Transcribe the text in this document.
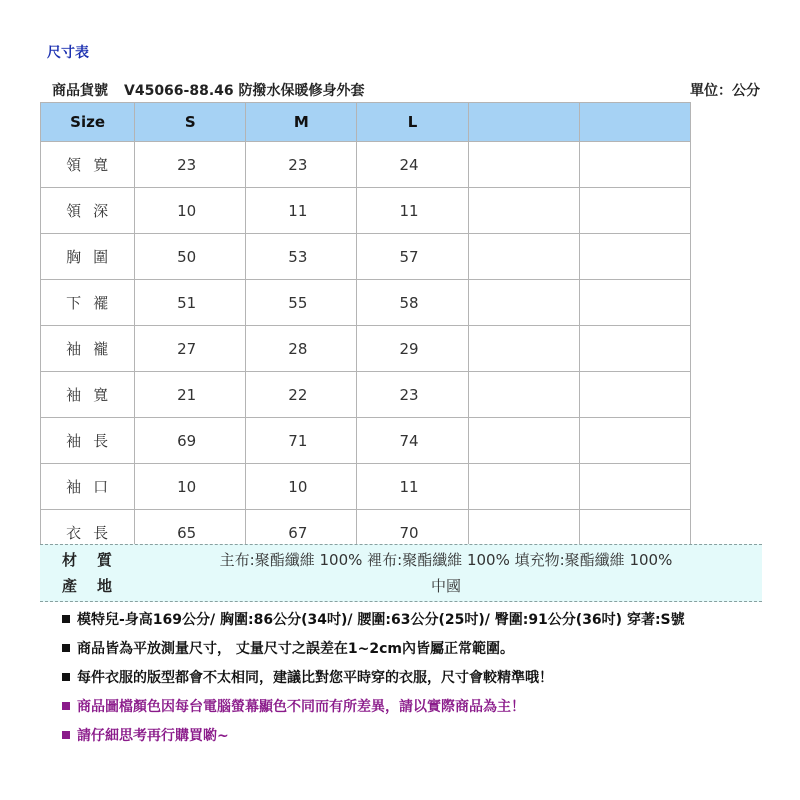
尺寸表
商品貨號 V45066-88.46 防撥水保暖修身外套	單位：公分
Size	S	M	L		
領寬	23	23	24		
領深	10	11	11		
胸圍	50	53	57		
下襬	51	55	58		
袖襱	27	28	29		
袖寬	21	22	23		
袖長	69	71	74		
袖口	10	10	11		
衣長	65	67	70		
材質	主布:聚酯纖維 100% 裡布:聚酯纖維 100% 填充物:聚酯纖維 100%
產地	中國
模特兒-身高169公分/ 胸圍:86公分(34吋)/ 腰圍:63公分(25吋)/ 臀圍:91公分(36吋) 穿著:S號
商品皆為平放測量尺寸， 丈量尺寸之誤差在1~2cm內皆屬正常範圍。
每件衣服的版型都會不太相同，建議比對您平時穿的衣服，尺寸會較精準哦！
商品圖檔顏色因每台電腦螢幕顯色不同而有所差異，請以實際商品為主！
請仔細思考再行購買喲~
